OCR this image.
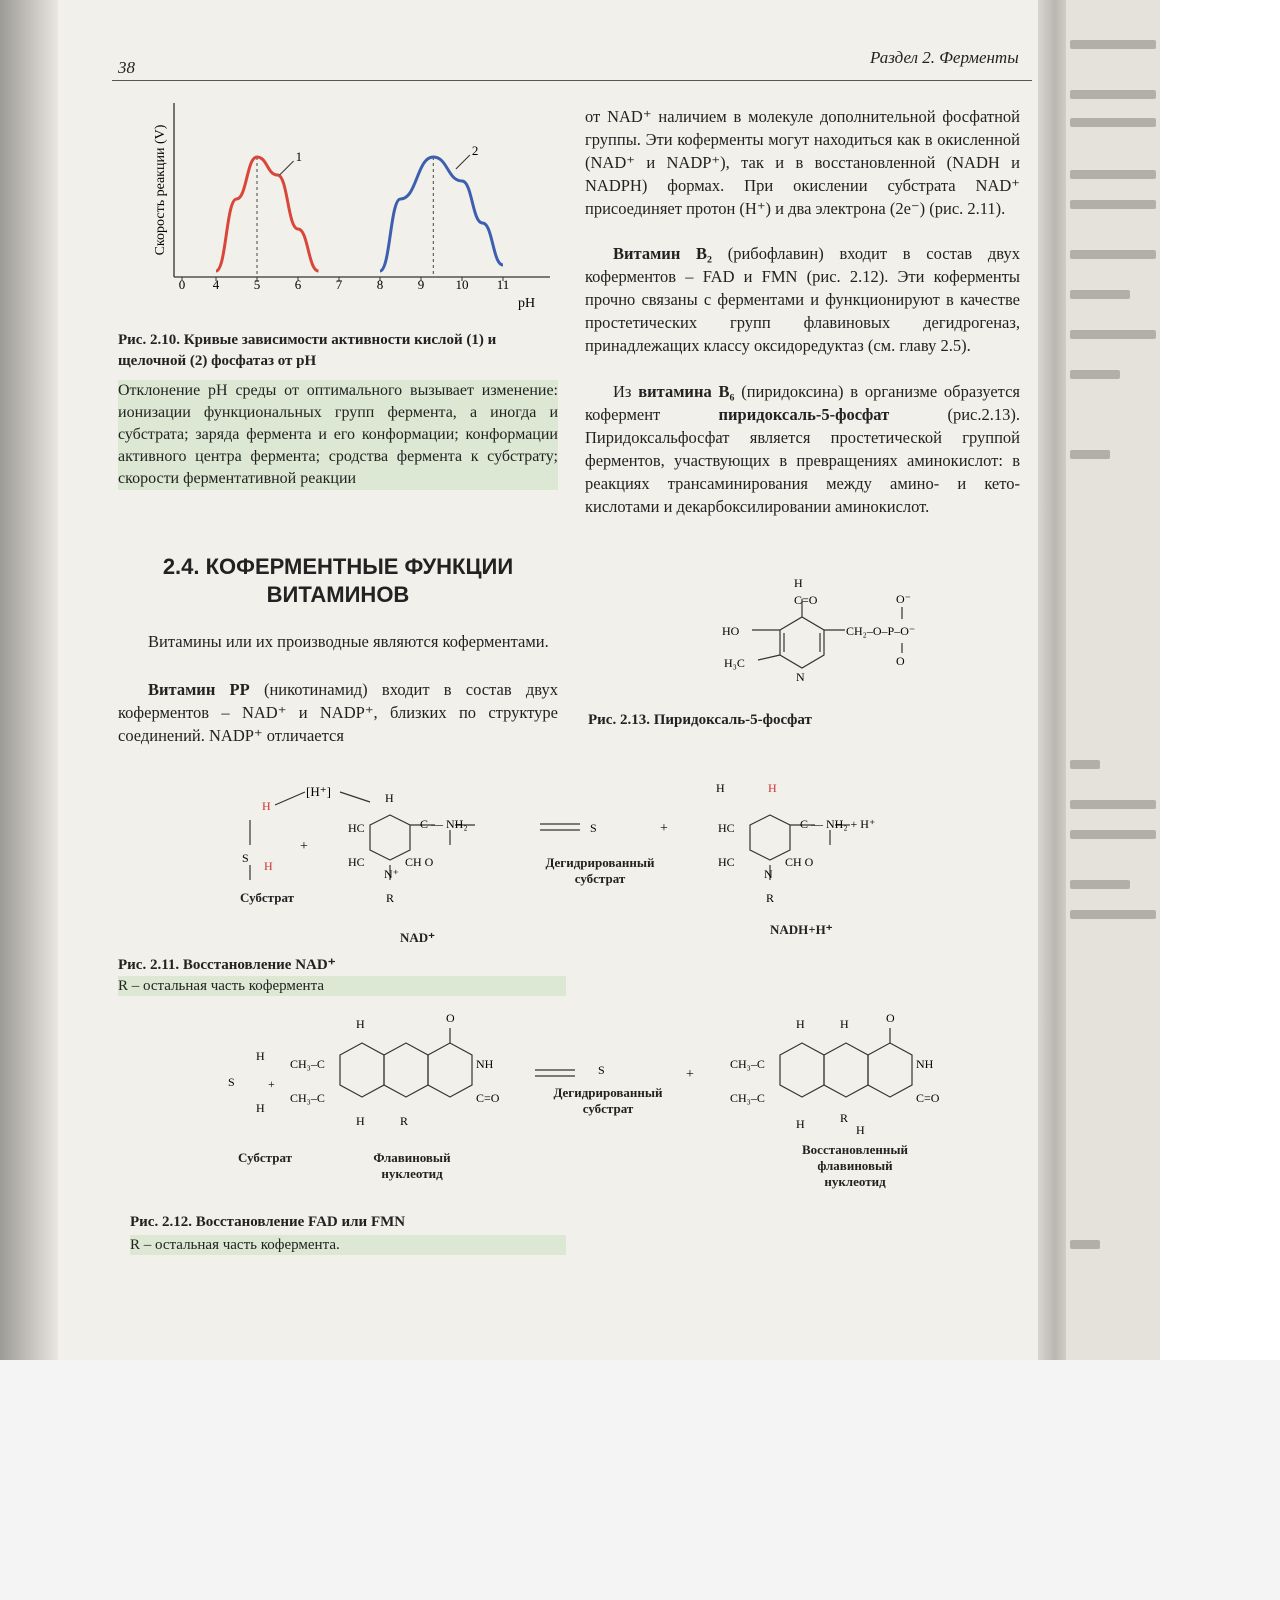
38
Раздел 2. Ферменты
Скорость реакции (V)
pH
0 4	5	6	7	8	9 10 11
1	2
Рис. 2.10. Кривые зависимости активности кислой (1) и щелочной (2) фосфатаз от pH
Отклонение pH среды от оптимального вызывает изменение: ионизации функциональных групп фермента, а иногда и субстрата; заряда фермента и его конформации; конформации активного центра фермента; сродства фермента к субстрату; скорости ферментативной реакции
2.4. КОФЕРМЕНТНЫЕ ФУНКЦИИ
ВИТАМИНОВ
Витамины или их производные являются коферментами.
Витамин РР (никотинамид) входит в состав двух коферментов – NAD⁺ и NADP⁺, близких по структуре соединений. NADP⁺ отличается
от NAD⁺ наличием в молекуле дополнительной фосфатной группы. Эти коферменты могут находиться как в окисленной (NAD⁺ и NADP⁺), так и в восстановленной (NADH и NADPH) формах. При окислении субстрата NAD⁺ присоединяет протон (H⁺) и два электрона (2e⁻) (рис. 2.11).
Витамин B₂ (рибофлавин) входит в состав двух коферментов – FAD и FMN (рис. 2.12). Эти коферменты прочно связаны с ферментами и функционируют в качестве простетических групп флавиновых дегидрогеназ, принадлежащих классу оксидоредуктаз (см. главу 2.5).
Из витамина B₆ (пиридоксина) в организме образуется кофермент пиридоксаль-5-фосфат (рис.2.13). Пиридоксальфосфат является простетической группой ферментов, участвующих в превращениях аминокислот: в реакциях трансаминирования между амино- и кето-кислотами и декарбоксилировании аминокислот.
H
C=O
HO	CH₂–O–P–O⁻
O⁻
O
H₃C
N
Рис. 2.13. Пиридоксаль-5-фосфат
H
[H⁺]
S
H
+
H
HC	C — NH₂
HC	CH O
N⁺
R
S	+
H	H
HC	C — NH₂ + H⁺
HC	CH O
N
R
Субстрат
NAD⁺
Дегидрированный субстрат
NADH+H⁺
Рис. 2.11. Восстановление NAD⁺
R – остальная часть кофермента
H
S
H
+
CH₃–C
CH₃–C
H	O
NH
C=O
H	R
S	+
CH₃–C
CH₃–C
H	H	O
NH
C=O
H	R
H
Субстрат	Флавиновый нуклеотид
Дегидрированный субстрат
Восстановленный флавиновый нуклеотид
Рис. 2.12. Восстановление FAD или FMN
R – остальная часть кофермента.
